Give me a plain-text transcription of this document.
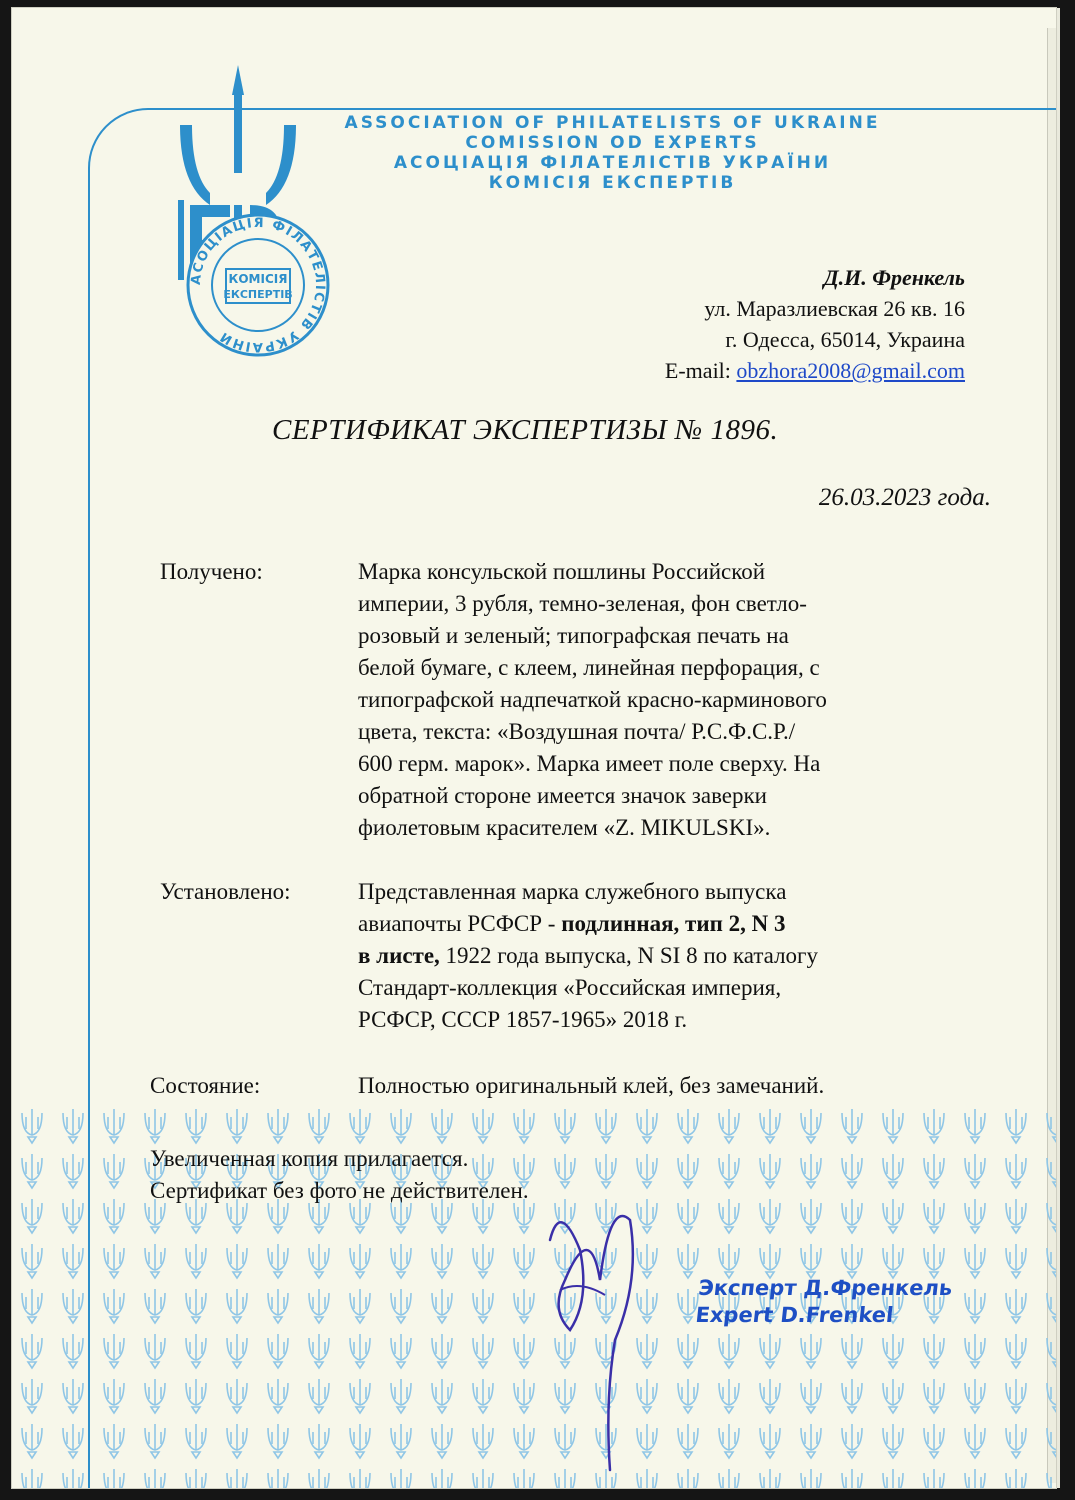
АСОЦІАЦІЯ ФІЛАТЕЛІСТІВ УКРАЇНИ
КОМІСІЯ
ЕКСПЕРТІВ
ASSOCIATION OF PHILATELISTS OF UKRAINE
COMISSION OD EXPERTS
АСОЦІАЦІЯ ФІЛАТЕЛІСТІВ УКРАЇНИ
КОМІСІЯ ЕКСПЕРТІВ
Д.И. Френкель
ул. Маразлиевская 26 кв. 16
г. Одесса, 65014, Украина
E-mail: obzhora2008@gmail.com
СЕРТИФИКАТ ЭКСПЕРТИЗЫ № 1896.
26.03.2023 года.
Получено:	Марка консульской пошлины Российской
империи, 3 рубля, темно-зеленая, фон светло-
розовый и зеленый; типографская печать на
белой бумаге, с клеем, линейная перфорация, с
типографской надпечаткой красно-карминового
цвета, текста: «Воздушная почта/ Р.С.Ф.С.Р./
600 герм. марок». Марка имеет поле сверху. На
обратной стороне имеется значок заверки
фиолетовым красителем «Z. MIKULSKI».
Установлено:	Представленная марка служебного выпуска
авиапочты РСФСР - подлинная, тип 2, N 3
в листе, 1922 года выпуска, N SI 8 по каталогу
Стандарт-коллекция «Российская империя,
РСФСР, СССР 1857-1965» 2018 г.
Состояние:	Полностью оригинальный клей, без замечаний.
Увеличенная копия прилагается.
Сертификат без фото не действителен.
Эксперт Д.Френкель
Expert D.Frenkel
